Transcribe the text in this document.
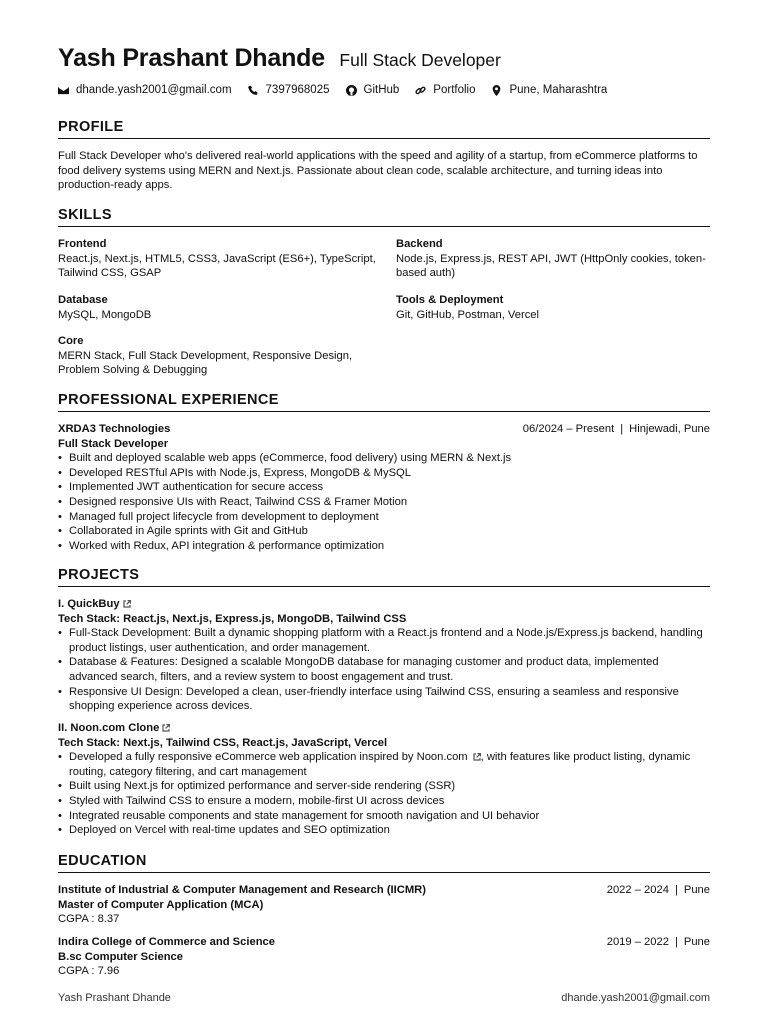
Yash Prashant Dhande Full Stack Developer
dhande.yash2001@gmail.com	7397968025	GitHub	Portfolio	Pune, Maharashtra
PROFILE
Full Stack Developer who's delivered real-world applications with the speed and agility of a startup, from eCommerce platforms to food delivery systems using MERN and Next.js. Passionate about clean code, scalable architecture, and turning ideas into production-ready apps.
SKILLS
Frontend
React.js, Next.js, HTML5, CSS3, JavaScript (ES6+), TypeScript, Tailwind CSS, GSAP
Backend
Node.js, Express.js, REST API, JWT (HttpOnly cookies, token-based auth)
Database
MySQL, MongoDB
Tools & Deployment
Git, GitHub, Postman, Vercel
Core
MERN Stack, Full Stack Development, Responsive Design, Problem Solving & Debugging
PROFESSIONAL EXPERIENCE
XRDA3 Technologies	06/2024 – Present | Hinjewadi, Pune
Full Stack Developer
• Built and deployed scalable web apps (eCommerce, food delivery) using MERN & Next.js
• Developed RESTful APIs with Node.js, Express, MongoDB & MySQL
• Implemented JWT authentication for secure access
• Designed responsive UIs with React, Tailwind CSS & Framer Motion
• Managed full project lifecycle from development to deployment
• Collaborated in Agile sprints with Git and GitHub
• Worked with Redux, API integration & performance optimization
PROJECTS
I. QuickBuy
Tech Stack: React.js, Next.js, Express.js, MongoDB, Tailwind CSS
• Full-Stack Development: Built a dynamic shopping platform with a React.js frontend and a Node.js/Express.js backend, handling product listings, user authentication, and order management.
• Database & Features: Designed a scalable MongoDB database for managing customer and product data, implemented advanced search, filters, and a review system to boost engagement and trust.
• Responsive UI Design: Developed a clean, user-friendly interface using Tailwind CSS, ensuring a seamless and responsive shopping experience across devices.
II. Noon.com Clone
Tech Stack: Next.js, Tailwind CSS, React.js, JavaScript, Vercel
• Developed a fully responsive eCommerce web application inspired by Noon.com , with features like product listing, dynamic routing, category filtering, and cart management
• Built using Next.js for optimized performance and server-side rendering (SSR)
• Styled with Tailwind CSS to ensure a modern, mobile-first UI across devices
• Integrated reusable components and state management for smooth navigation and UI behavior
• Deployed on Vercel with real-time updates and SEO optimization
EDUCATION
Institute of Industrial & Computer Management and Research (IICMR)	2022 – 2024 | Pune
Master of Computer Application (MCA)
CGPA : 8.37
Indira College of Commerce and Science	2019 – 2022 | Pune
B.sc Computer Science
CGPA : 7.96
Yash Prashant Dhande	dhande.yash2001@gmail.com
